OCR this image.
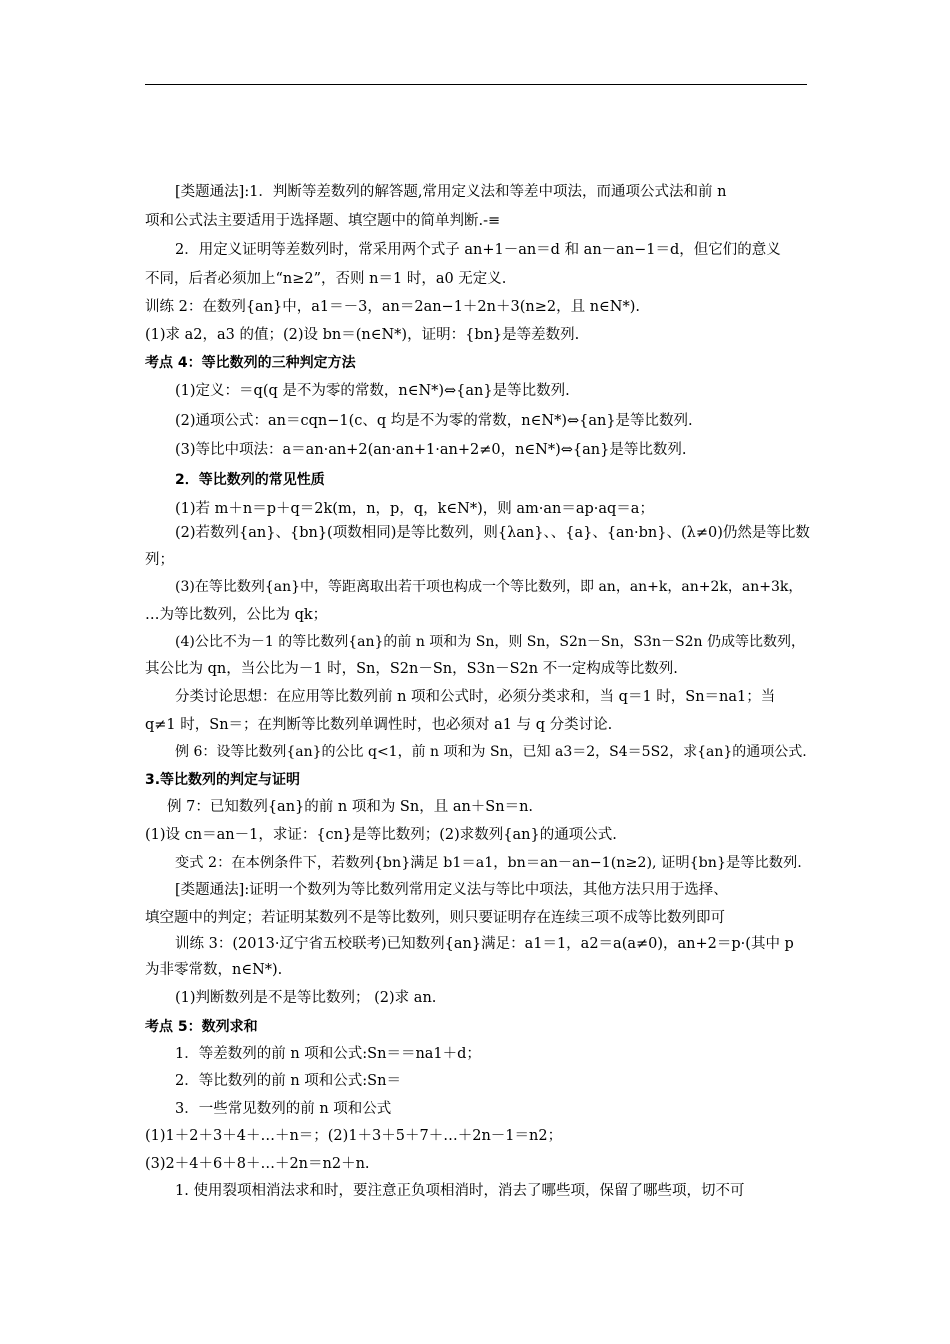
[类题通法]:1．判断等差数列的解答题,常用定义法和等差中项法，而通项公式法和前 n
项和公式法主要适用于选择题、填空题中的简单判断.-≡
2．用定义证明等差数列时，常采用两个式子 an+1－an＝d 和 an－an−1＝d，但它们的意义
不同，后者必须加上“n≥2”，否则 n＝1 时，a0 无定义.
训练 2：在数列{an}中，a1＝－3，an＝2an−1＋2n＋3(n≥2，且 n∈N*).
(1)求 a2，a3 的值；(2)设 bn＝(n∈N*)，证明：{bn}是等差数列.
考点 4：等比数列的三种判定方法
(1)定义：＝q(q 是不为零的常数，n∈N*)⇔{an}是等比数列.
(2)通项公式：an＝cqn−1(c、q 均是不为零的常数，n∈N*)⇔{an}是等比数列.
(3)等比中项法：a＝an·an+2(an·an+1·an+2≠0，n∈N*)⇔{an}是等比数列.
2．等比数列的常见性质
(1)若 m＋n＝p＋q＝2k(m，n，p，q，k∈N*)，则 am·an＝ap·aq＝a；
(2)若数列{an}、{bn}(项数相同)是等比数列，则{λan}、、{a}、{an·bn}、(λ≠0)仍然是等比数
列；
(3)在等比数列{an}中，等距离取出若干项也构成一个等比数列，即 an，an+k，an+2k，an+3k，
…为等比数列，公比为 qk；
(4)公比不为－1 的等比数列{an}的前 n 项和为 Sn，则 Sn，S2n－Sn，S3n－S2n 仍成等比数列，
其公比为 qn，当公比为－1 时，Sn，S2n－Sn，S3n－S2n 不一定构成等比数列.
分类讨论思想：在应用等比数列前 n 项和公式时，必须分类求和，当 q＝1 时，Sn＝na1；当
q≠1 时，Sn＝；在判断等比数列单调性时，也必须对 a1 与 q 分类讨论.
例 6：设等比数列{an}的公比 q<1，前 n 项和为 Sn，已知 a3＝2，S4＝5S2，求{an}的通项公式.
3.等比数列的判定与证明
例 7：已知数列{an}的前 n 项和为 Sn，且 an＋Sn＝n.
(1)设 cn＝an－1，求证：{cn}是等比数列；(2)求数列{an}的通项公式.
变式 2：在本例条件下，若数列{bn}满足 b1＝a1，bn＝an－an−1(n≥2), 证明{bn}是等比数列.
[类题通法]:证明一个数列为等比数列常用定义法与等比中项法，其他方法只用于选择、
填空题中的判定；若证明某数列不是等比数列，则只要证明存在连续三项不成等比数列即可
训练 3：(2013·辽宁省五校联考)已知数列{an}满足：a1＝1，a2＝a(a≠0)，an+2＝p·(其中 p
为非零常数，n∈N*).
(1)判断数列是不是等比数列； (2)求 an.
考点 5：数列求和
1．等差数列的前 n 项和公式:Sn＝＝na1＋d；
2．等比数列的前 n 项和公式:Sn＝
3．一些常见数列的前 n 项和公式
(1)1＋2＋3＋4＋…＋n＝；(2)1＋3＋5＋7＋…＋2n－1＝n2；
(3)2＋4＋6＋8＋…＋2n＝n2＋n.
1. 使用裂项相消法求和时，要注意正负项相消时，消去了哪些项，保留了哪些项，切不可
